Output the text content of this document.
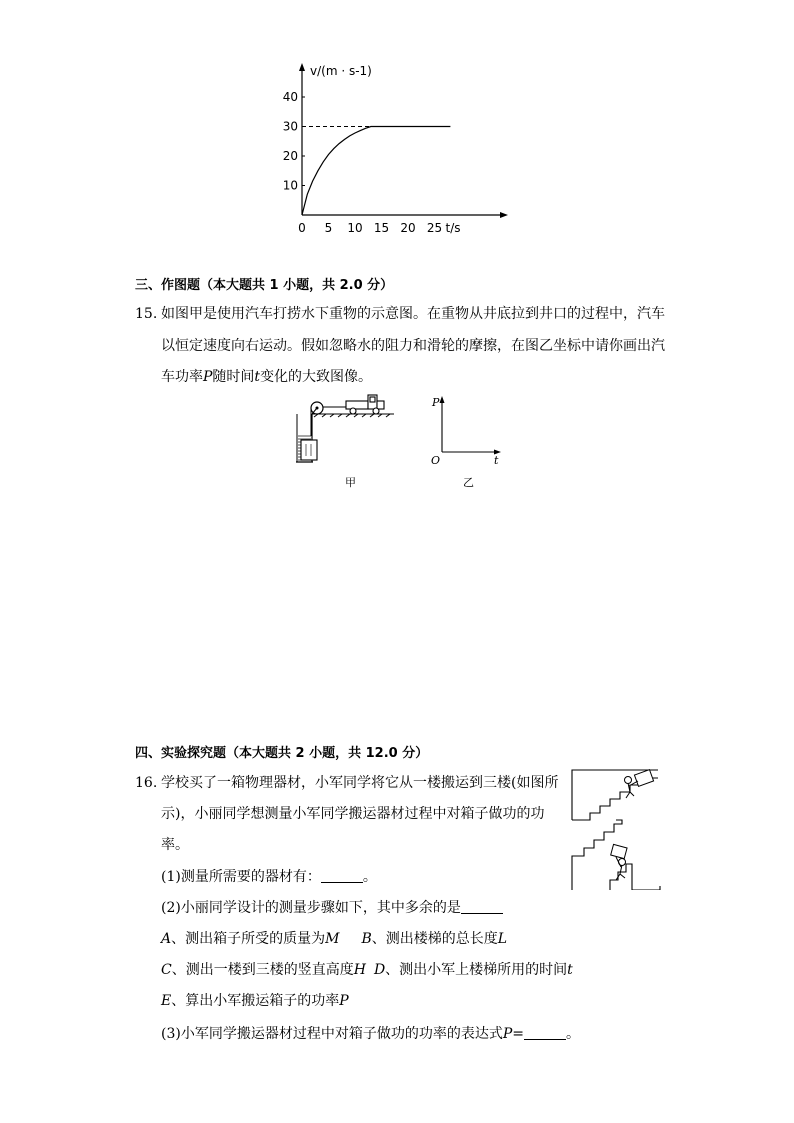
10
20
30
40
0 5 10 15 20 25
v/(m · s-1)
t/s
三、作图题（本大题共 1 小题，共 2.0 分）
15. 如图甲是使用汽车打捞水下重物的示意图。在重物从井底拉到井口的过程中，汽车
以恒定速度向右运动。假如忽略水的阻力和滑轮的摩擦，在图乙坐标中请你画出汽
车功率P随时间t变化的大致图像。
甲
P
O	t
乙
四、实验探究题（本大题共 2 小题，共 12.0 分）
16. 学校买了一箱物理器材，小军同学将它从一楼搬运到三楼(如图所
示)，小丽同学想测量小军同学搬运器材过程中对箱子做功的功
率。
(1)测量所需要的器材有：	。
(2)小丽同学设计的测量步骤如下，其中多余的是
A、测出箱子所受的质量为M B、测出楼梯的总长度L
C、测出一楼到三楼的竖直高度H D、测出小军上楼梯所用的时间t
E、算出小军搬运箱子的功率P
(3)小军同学搬运器材过程中对箱子做功的功率的表达式P=	。
